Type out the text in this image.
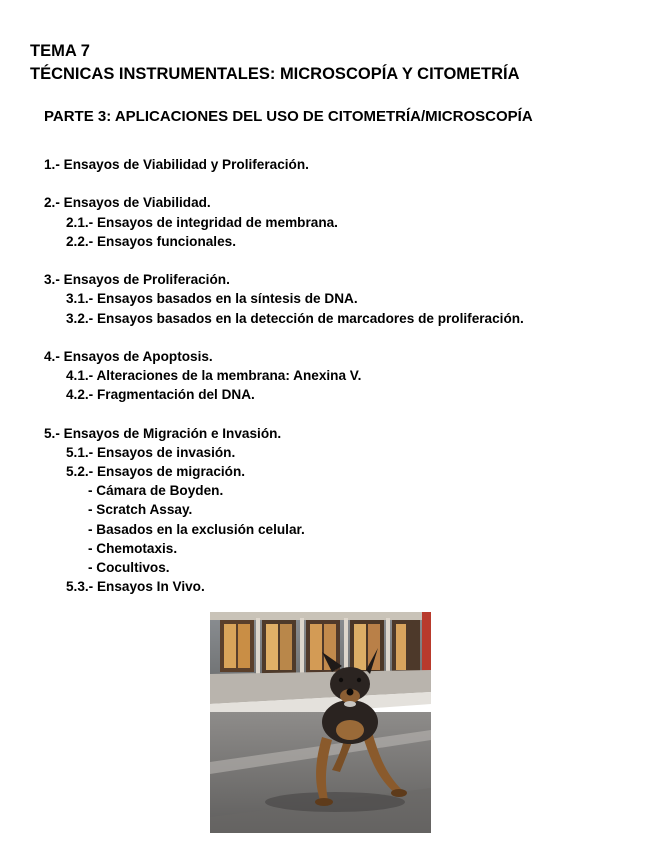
TEMA 7
TÉCNICAS INSTRUMENTALES: MICROSCOPÍA Y CITOMETRÍA
PARTE 3: APLICACIONES DEL USO DE CITOMETRÍA/MICROSCOPÍA
1.- Ensayos de Viabilidad y Proliferación.
2.- Ensayos de Viabilidad.
2.1.- Ensayos de integridad de membrana.
2.2.- Ensayos funcionales.
3.- Ensayos de Proliferación.
3.1.- Ensayos basados en la síntesis de DNA.
3.2.- Ensayos basados en la detección de marcadores de proliferación.
4.- Ensayos de Apoptosis.
4.1.- Alteraciones de la membrana: Anexina V.
4.2.- Fragmentación del DNA.
5.- Ensayos de Migración e Invasión.
5.1.- Ensayos de invasión.
5.2.- Ensayos de migración.
- Cámara de Boyden.
- Scratch Assay.
- Basados en la exclusión celular.
- Chemotaxis.
- Cocultivos.
5.3.- Ensayos In Vivo.
